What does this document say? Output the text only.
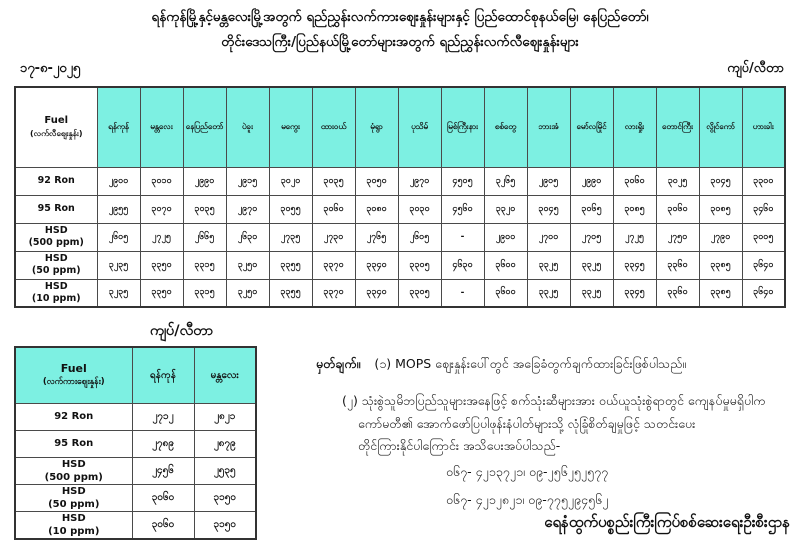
ရန်ကုန်မြို့နှင့်မန္တလေးမြို့အတွက် ရည်ညွှန်းလက်ကားဈေးနှုန်းများနှင့် ပြည်ထောင်စုနယ်မြေ၊ နေပြည်တော်၊
တိုင်းဒေသကြီး/ပြည်နယ်မြို့တော်များအတွက် ရည်ညွှန်းလက်လီဈေးနှုန်းများ
၁၇-၈-၂၀၂၅	ကျပ်/လီတာ
Fuel
(လက်လီဈေးနှုန်း)	ရန်ကုန်	မန္တလေး	နေပြည်တော်	ပဲခူး	မကွေး	ထားဝယ်	မုံရွာ	ပုသိမ်	မြစ်ကြီးနား	စစ်တွေ	ဘားအံ	မော်လမြိုင်	လားရှိုး	တောင်ကြီး	လွိုင်ကော်	ဟားခါး

92 Ron	၂၉၀၀	၃၀၁၀	၂၉၉၀	၂၉၁၅	၃၀၂၀	၃၀၃၅	၃၀၅၀	၂၉၇၀	၄၅၀၅	၃၂၆၅	၂၉၀၅	၂၉၉၀	၃၀၆၀	၃၀၂၅	၃၀၄၅	၃၃၀၀

95 Ron	၂၉၅၅	၃၀၇၀	၃၀၃၅	၂၉၇၀	၃၀၅၅	၃၀၆၀	၃၀၈၀	၃၀၃၀	၄၅၆၀	၃၃၂၀	၃၀၄၅	၃၀၆၅	၃၀၈၅	၃၀၆၀	၃၀၈၅	၃၄၆၀

HSD
(500 ppm)	၂၆၀၅	၂၇၂၅	၂၆၆၅	၂၆၃၀	၂၇၃၅	၂၇၃၀	၂၇၆၅	၂၆၀၅	-	၂၉၀၀	၂၇၀၀	၂၇၀၅	၂၇၂၅	၂၇၅၀	၂၇၉၀	၃၀၀၅

HSD
(50 ppm)	၃၂၃၅	၃၃၅၀	၃၃၁၅	၃၂၅၀	၃၃၅၅	၃၃၇၀	၃၃၄၀	၃၃၀၅	၄၆၃၀	၃၆၀၀	၃၃၂၅	၃၃၂၅	၃၃၄၅	၃၃၆၀	၃၃၈၅	၃၆၄၀

HSD
(10 ppm)	၃၂၃၅	၃၃၅၀	၃၃၁၅	၃၂၅၀	၃၃၅၅	၃၃၇၀	၃၃၄၀	၃၃၀၅	-	၃၆၀၀	၃၃၂၅	၃၃၂၅	၃၃၄၅	၃၃၆၀	၃၃၈၅	၃၆၄၀
ကျပ်/လီတာ
Fuel
(လက်ကားဈေးနှုန်း)	ရန်ကုန်	မန္တလေး

92 Ron	၂၇၁၂	၂၈၂၁

95 Ron	၂၇၈၉	၂၈၇၉

HSD
(500 ppm)	၂၄၅၆	၂၅၃၅

HSD
(50 ppm)	၃၀၆၀	၃၁၅၀

HSD
(10 ppm)	၃၀၆၀	၃၁၅၀
မှတ်ချက်။ (၁) MOPS ဈေးနှုန်းပေါ်တွင် အခြေခံတွက်ချက်ထားခြင်းဖြစ်ပါသည်။
(၂) သုံးစွဲသူမိဘပြည်သူများအနေဖြင့် စက်သုံးဆီများအား ဝယ်ယူသုံးစွဲရာတွင် ကျေနပ်မှုမရှိပါက
ကော်မတီ၏ အောက်ဖော်ပြပါဖုန်းနံပါတ်များသို့ လုံခြုံစိတ်ချမှုဖြင့် သတင်းပေး
တိုင်ကြားနိုင်ပါကြောင်း အသိပေးအပ်ပါသည်-
၀၆၇- ၄၂၁၃၇၂၁၊ ၀၉-၂၅၆၂၅၂၅၇၇
၀၆၇- ၄၂၁၂၈၂၁၊ ၀၉-၇၇၅၂၉၄၅၆၂
ရေနံထွက်ပစ္စည်းကြီးကြပ်စစ်ဆေးရေးဦးစီးဌာန
